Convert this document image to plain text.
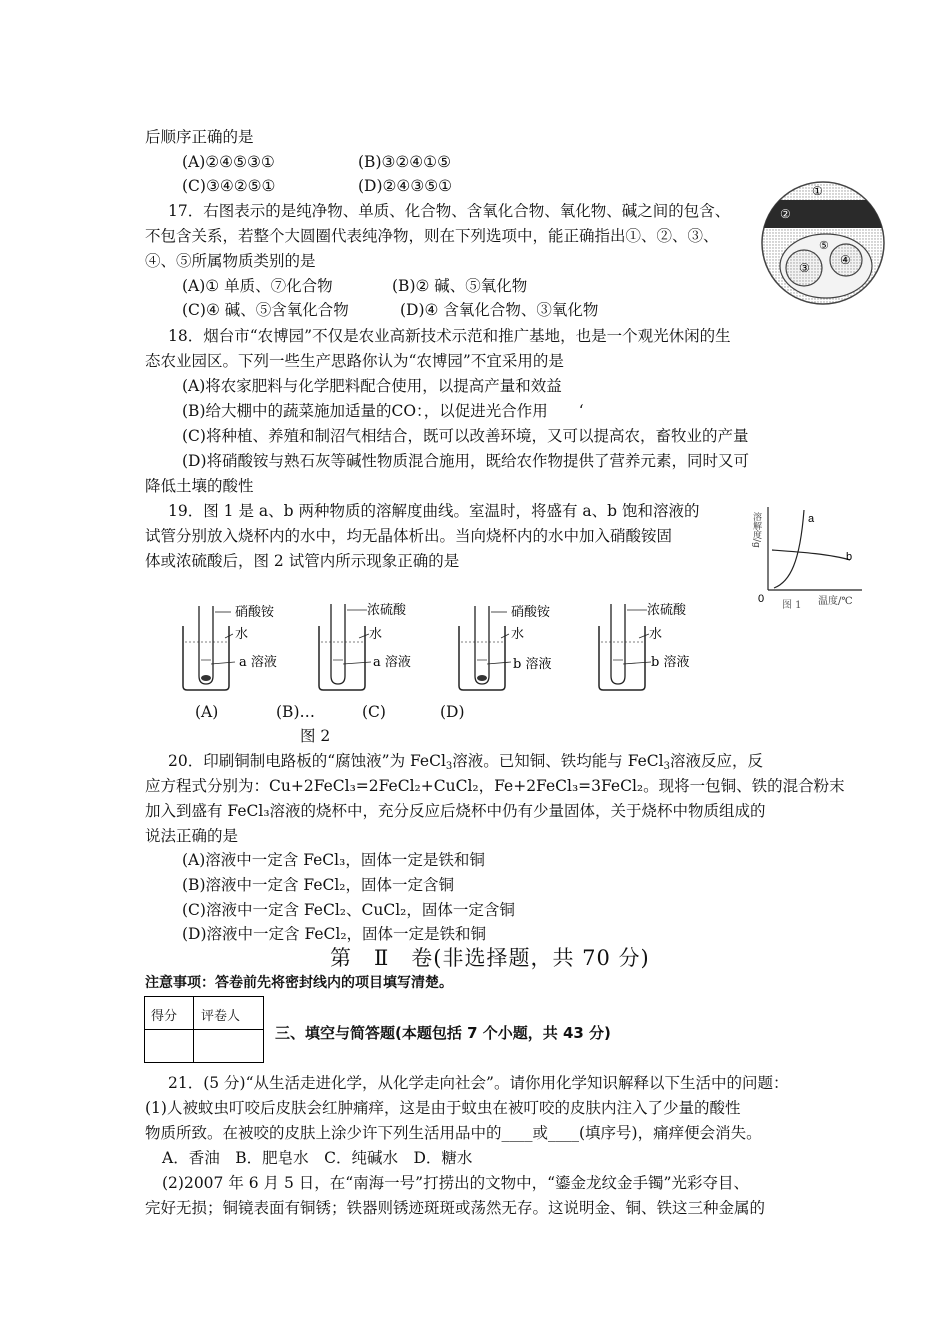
后顺序正确的是
(A)②④⑤③①	(B)③②④①⑤
(C)③④②⑤①	(D)②④③⑤①
17．右图表示的是纯净物、单质、化合物、含氧化合物、氧化物、碱之间的包含、
不包含关系，若整个大圆圈代表纯净物，则在下列选项中，能正确指出①、②、③、
④、⑤所属物质类别的是
(A)① 单质、⑦化合物	(B)② 碱、⑤氧化物
(C)④ 碱、⑤含氧化合物	(D)④ 含氧化合物、③氧化物
①
②
③
④
⑤
18．烟台市“农博园”不仅是农业高新技术示范和推广基地，也是一个观光休闲的生
态农业园区。下列一些生产思路你认为“农博园”不宜采用的是
(A)将农家肥料与化学肥料配合使用，以提高产量和效益
(B)给大棚中的蔬菜施加适量的CO：，以促进光合作用　　‘
(C)将种植、养殖和制沼气相结合，既可以改善环境，又可以提高农，畜牧业的产量
(D)将硝酸铵与熟石灰等碱性物质混合施用，既给农作物提供了营养元素，同时又可
降低土壤的酸性
19．图 1 是 a、b 两种物质的溶解度曲线。室温时，将盛有 a、b 饱和溶液的
试管分别放入烧杯内的水中，均无晶体析出。当向烧杯内的水中加入硝酸铵固
体或浓硫酸后，图 2 试管内所示现象正确的是
a
b
0
图 1 温度/℃
溶解度/g
硝酸铵
水
a 溶液
浓硫酸
水
a 溶液
硝酸铵
水
b 溶液
浓硫酸
水
b 溶液
(A)	(B)…	(C)	(D)
图 2
20．印刷铜制电路板的“腐蚀液”为 FeCl$_3$溶液。已知铜、铁均能与 FeCl$_3$溶液反应，反
应方程式分别为：Cu+2FeCl₃=2FeCl₂+CuCl₂，Fe+2FeCl₃=3FeCl₂。现将一包铜、铁的混合粉末
加入到盛有 FeCl₃溶液的烧杯中，充分反应后烧杯中仍有少量固体，关于烧杯中物质组成的
说法正确的是
(A)溶液中一定含 FeCl₃，固体一定是铁和铜
(B)溶液中一定含 FeCl₂，固体一定含铜
(C)溶液中一定含 FeCl₂、CuCl₂，固体一定含铜
(D)溶液中一定含 FeCl₂，固体一定是铁和铜
第　Ⅱ　卷(非选择题，共 70 分)
注意事项：答卷前先将密封线内的项目填写清楚。
得分 评卷人
三、填空与简答题(本题包括 7 个小题，共 43 分)
21．(5 分)“从生活走进化学，从化学走向社会”。请你用化学知识解释以下生活中的问题：
(1)人被蚊虫叮咬后皮肤会红肿痛痒，这是由于蚊虫在被叮咬的皮肤内注入了少量的酸性
物质所致。在被咬的皮肤上涂少许下列生活用品中的____或____(填序号)，痛痒便会消失。
A．香油　B．肥皂水　C．纯碱水　D．糖水
(2)2007 年 6 月 5 日，在“南海一号”打捞出的文物中，“鎏金龙纹金手镯”光彩夺目、
完好无损；铜镜表面有铜锈；铁器则锈迹斑斑或荡然无存。这说明金、铜、铁这三种金属的
